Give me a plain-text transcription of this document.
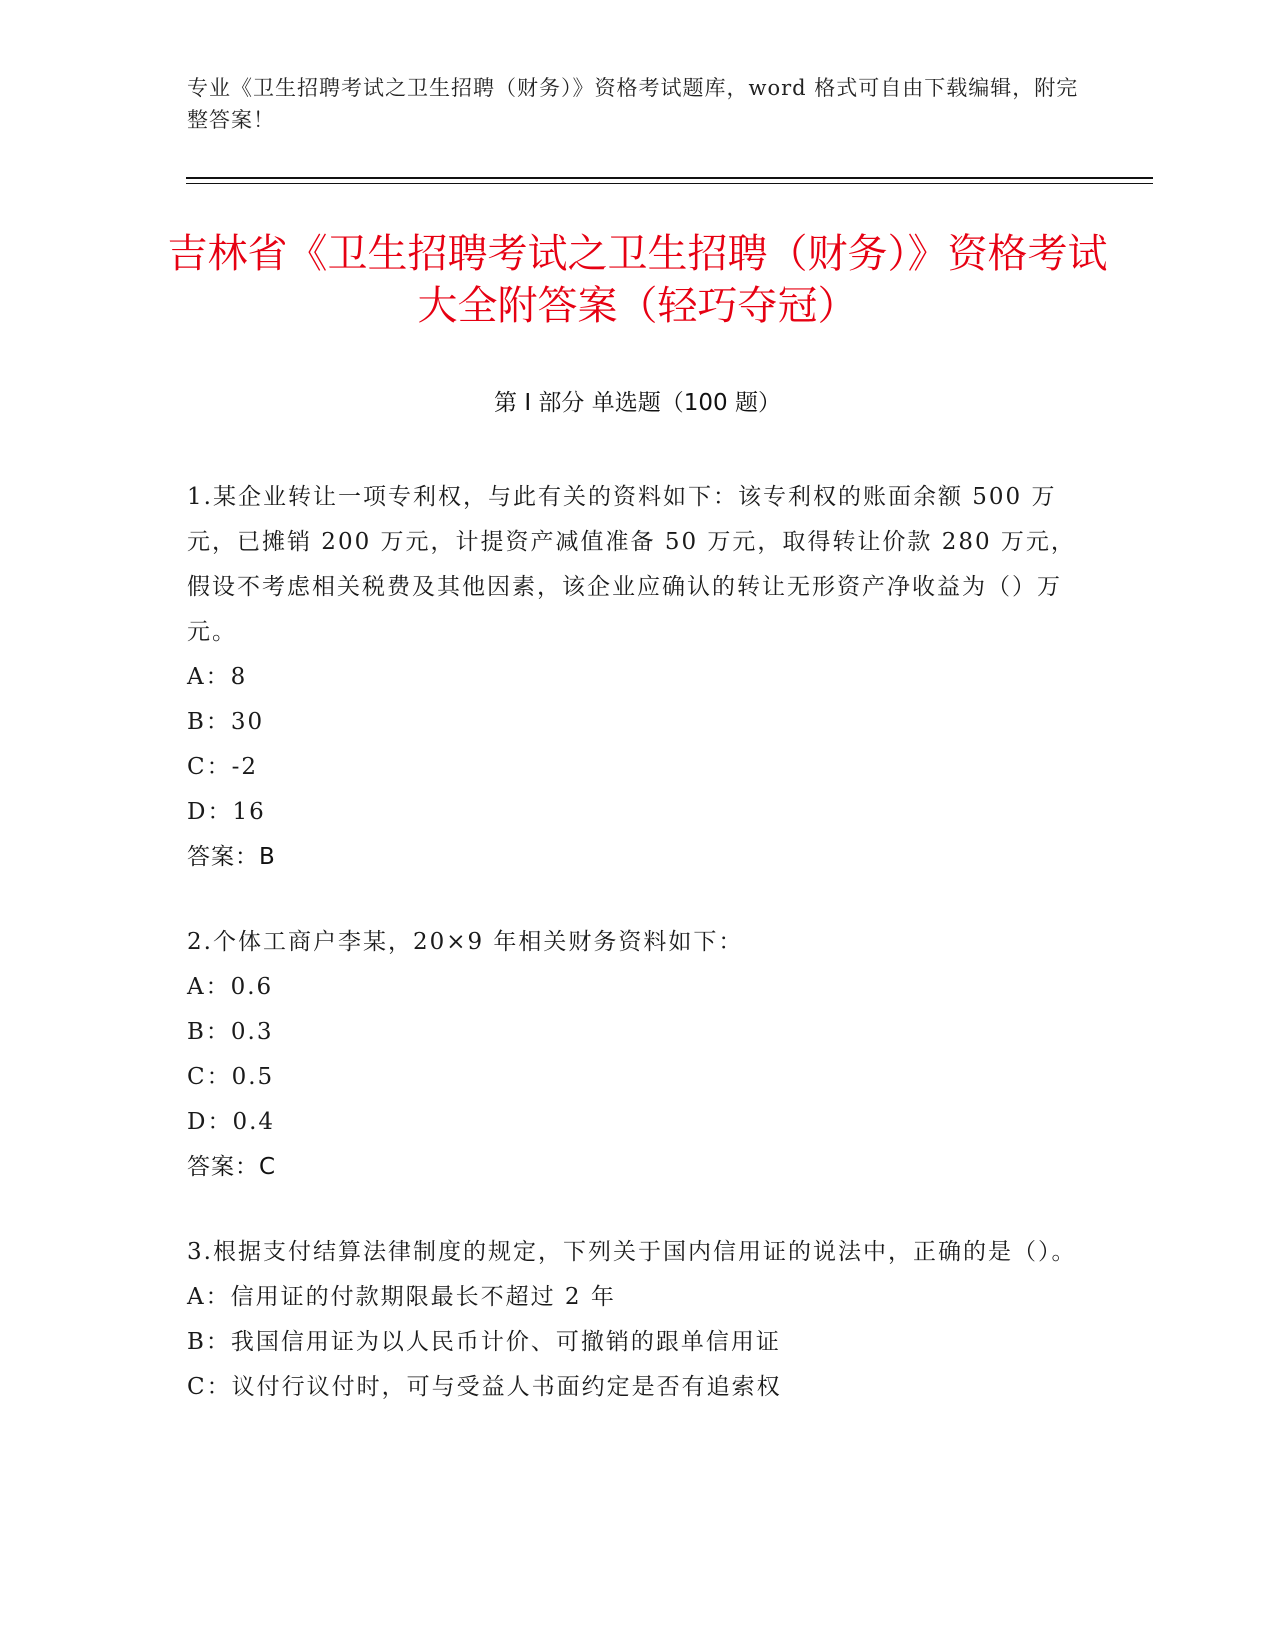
专业《卫生招聘考试之卫生招聘（财务）》资格考试题库，word 格式可自由下载编辑，附完整答案！
吉林省《卫生招聘考试之卫生招聘（财务）》资格考试大全附答案（轻巧夺冠）
第 I 部分 单选题（100 题）
1.某企业转让一项专利权，与此有关的资料如下：该专利权的账面余额 500 万元，已摊销 200 万元，计提资产减值准备 50 万元，取得转让价款 280 万元，假设不考虑相关税费及其他因素，该企业应确认的转让无形资产净收益为（）万元。
A：8
B：30
C：-2
D：16
答案：B
2.个体工商户李某，20×9 年相关财务资料如下：
A：0.6
B：0.3
C：0.5
D：0.4
答案：C
3.根据支付结算法律制度的规定，下列关于国内信用证的说法中，正确的是（）。
A：信用证的付款期限最长不超过 2 年
B：我国信用证为以人民币计价、可撤销的跟单信用证
C：议付行议付时，可与受益人书面约定是否有追索权
